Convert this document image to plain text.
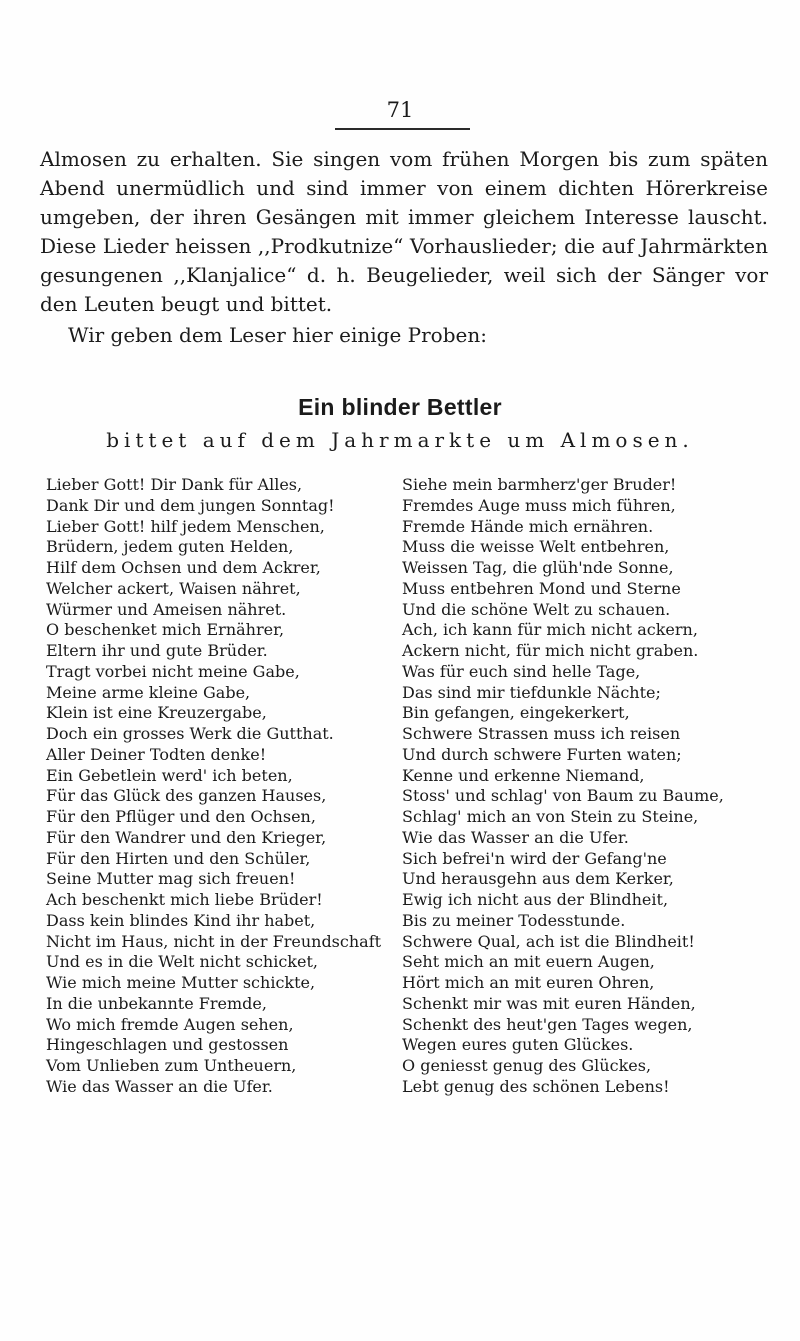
71

Almosen zu erhalten. Sie singen vom frühen Morgen bis zum späten Abend unermüdlich und sind immer von einem dichten Hörerkreise umgeben, der ihren Gesängen mit immer gleichem Interesse lauscht. Diese Lieder heissen ,,Prodkutnize“ Vorhauslieder; die auf Jahrmärkten gesungenen ,,Klanjalice“ d. h. Beugelieder, weil sich der Sänger vor den Leuten beugt und bittet.

Wir geben dem Leser hier einige Proben:

Ein blinder Bettler
bittet auf dem Jahrmarkte um Almosen.
Lieber Gott! Dir Dank für Alles,
Dank Dir und dem jungen Sonntag!
Lieber Gott! hilf jedem Menschen,
Brüdern, jedem guten Helden,
Hilf dem Ochsen und dem Ackrer,
Welcher ackert, Waisen nähret,
Würmer und Ameisen nähret.
O beschenket mich Ernährer,
Eltern ihr und gute Brüder.
Tragt vorbei nicht meine Gabe,
Meine arme kleine Gabe,
Klein ist eine Kreuzergabe,
Doch ein grosses Werk die Gutthat.
Aller Deiner Todten denke!
Ein Gebetlein werd' ich beten,
Für das Glück des ganzen Hauses,
Für den Pflüger und den Ochsen,
Für den Wandrer und den Krieger,
Für den Hirten und den Schüler,
Seine Mutter mag sich freuen!
Ach beschenkt mich liebe Brüder!
Dass kein blindes Kind ihr habet,
Nicht im Haus, nicht in der Freundschaft
Und es in die Welt nicht schicket,
Wie mich meine Mutter schickte,
In die unbekannte Fremde,
Wo mich fremde Augen sehen,
Hingeschlagen und gestossen
Vom Unlieben zum Untheuern,
Wie das Wasser an die Ufer.
Siehe mein barmherz'ger Bruder!
Fremdes Auge muss mich führen,
Fremde Hände mich ernähren.
Muss die weisse Welt entbehren,
Weissen Tag, die glüh'nde Sonne,
Muss entbehren Mond und Sterne
Und die schöne Welt zu schauen.
Ach, ich kann für mich nicht ackern,
Ackern nicht, für mich nicht graben.
Was für euch sind helle Tage,
Das sind mir tiefdunkle Nächte;
Bin gefangen, eingekerkert,
Schwere Strassen muss ich reisen
Und durch schwere Furten waten;
Kenne und erkenne Niemand,
Stoss' und schlag' von Baum zu Baume,
Schlag' mich an von Stein zu Steine,
Wie das Wasser an die Ufer.
Sich befrei'n wird der Gefang'ne
Und herausgehn aus dem Kerker,
Ewig ich nicht aus der Blindheit,
Bis zu meiner Todesstunde.
Schwere Qual, ach ist die Blindheit!
Seht mich an mit euern Augen,
Hört mich an mit euren Ohren,
Schenkt mir was mit euren Händen,
Schenkt des heut'gen Tages wegen,
Wegen eures guten Glückes.
O geniesst genug des Glückes,
Lebt genug des schönen Lebens!
